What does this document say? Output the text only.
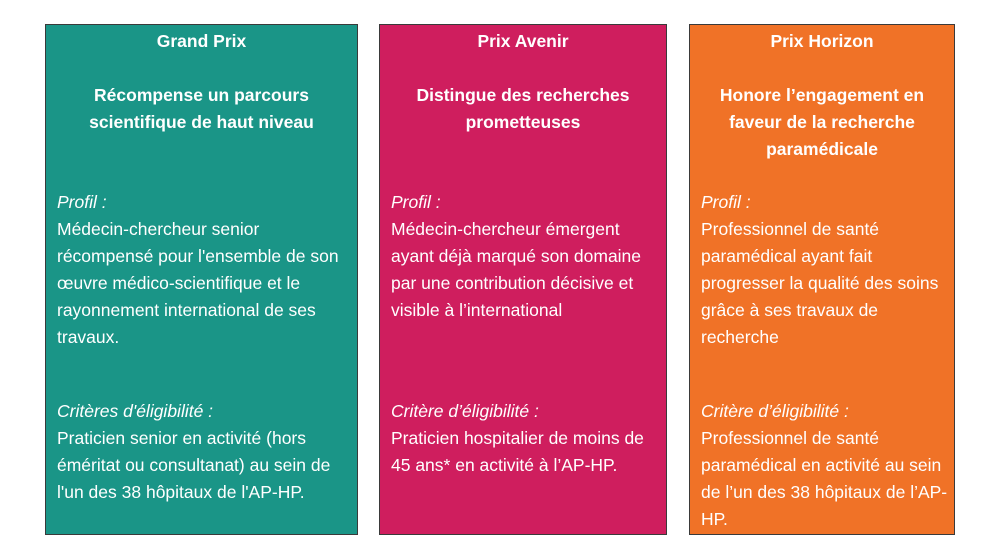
Grand Prix
Récompense un parcours scientifique de haut niveau
Profil :
Médecin-chercheur senior récompensé pour l'ensemble de son œuvre médico-scientifique et le rayonnement international de ses travaux.
Critères d'éligibilité :
Praticien senior en activité (hors éméritat ou consultanat) au sein de l'un des 38 hôpitaux de l'AP-HP.
Prix Avenir
Distingue des recherches prometteuses
Profil :
Médecin-chercheur émergent ayant déjà marqué son domaine par une contribution décisive et visible à l’international
Critère d’éligibilité :
Praticien hospitalier de moins de 45 ans* en activité à l’AP-HP.
Prix Horizon
Honore l’engagement en faveur de la recherche paramédicale
Profil :
Professionnel de santé paramédical ayant fait progresser la qualité des soins grâce à ses travaux de recherche
Critère d’éligibilité :
Professionnel de santé paramédical en activité au sein de l’un des 38 hôpitaux de l’AP-HP.
